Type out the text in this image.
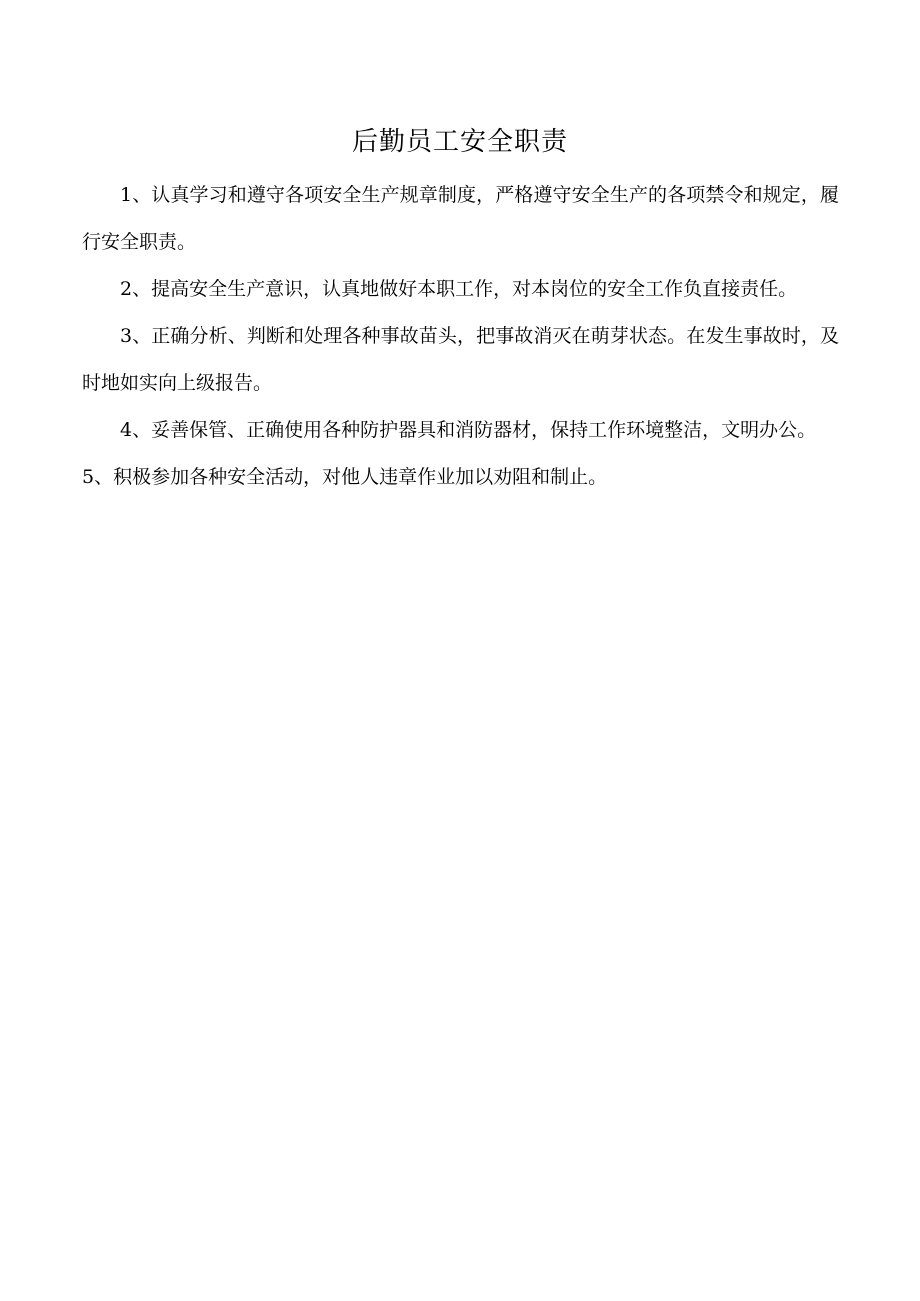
后勤员工安全职责

1、认真学习和遵守各项安全生产规章制度，严格遵守安全生产的各项禁令和规定，履行安全职责。

2、提高安全生产意识，认真地做好本职工作，对本岗位的安全工作负直接责任。

3、正确分析、判断和处理各种事故苗头，把事故消灭在萌芽状态。在发生事故时，及时地如实向上级报告。

4、妥善保管、正确使用各种防护器具和消防器材，保持工作环境整洁，文明办公。

5、积极参加各种安全活动，对他人违章作业加以劝阻和制止。
